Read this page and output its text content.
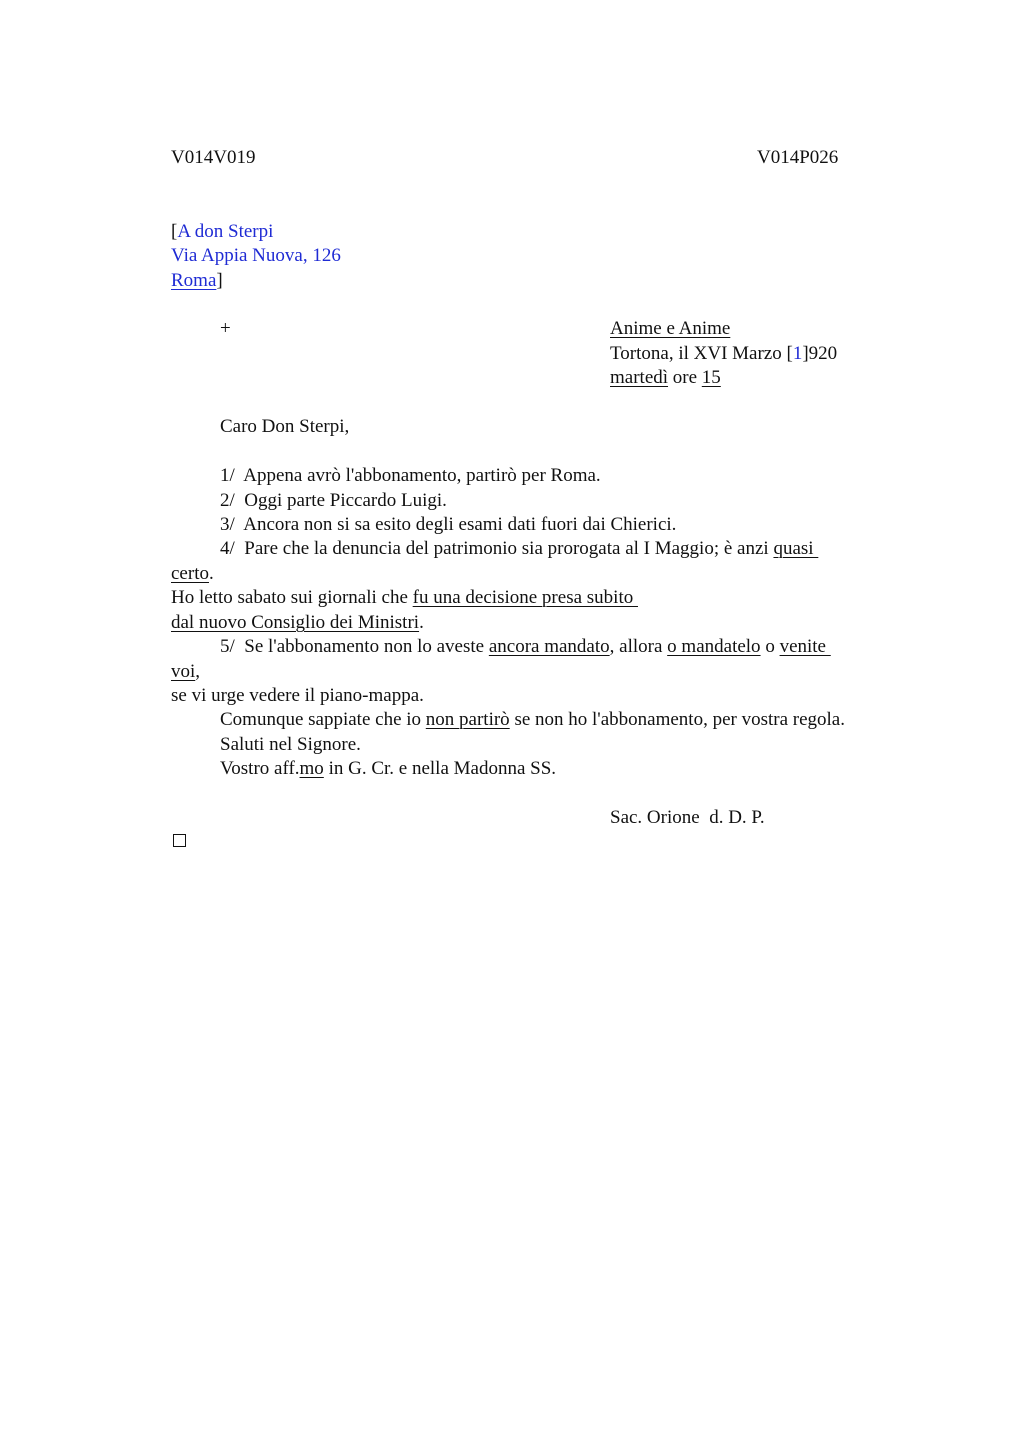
V014V019	V014P026
[A don Sterpi
Via Appia Nuova, 126
Roma]
+	Anime e Anime
Tortona, il XVI Marzo [1]920
martedì ore 15
Caro Don Sterpi,
1/  Appena avrò l'abbonamento, partirò per Roma.
2/  Oggi parte Piccardo Luigi.
3/  Ancora non si sa esito degli esami dati fuori dai Chierici.
4/  Pare che la denuncia del patrimonio sia prorogata al I Maggio; è anzi quasi
certo.
Ho letto sabato sui giornali che fu una decisione presa subito
dal nuovo Consiglio dei Ministri.
5/  Se l'abbonamento non lo aveste ancora mandato, allora o mandatelo o venite
voi,
se vi urge vedere il piano-mappa.
Comunque sappiate che io non partirò se non ho l'abbonamento, per vostra regola.
Saluti nel Signore.
Vostro aff.mo in G. Cr. e nella Madonna SS.
Sac. Orione  d. D. P.
